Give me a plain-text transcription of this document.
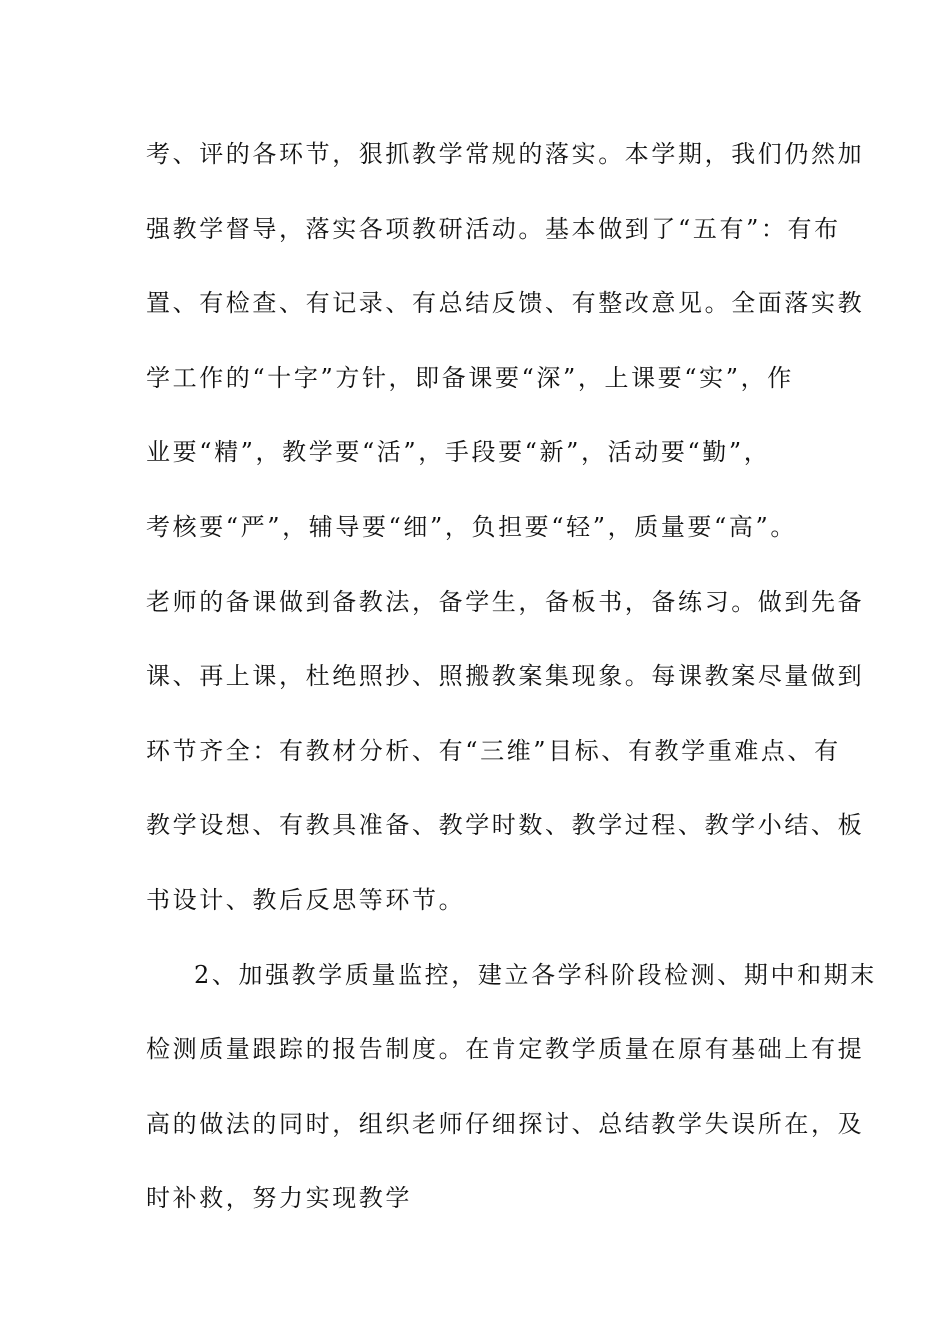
考、评的各环节，狠抓教学常规的落实。本学期，我们仍然加
强教学督导，落实各项教研活动。基本做到了“五有”：有布
置、有检查、有记录、有总结反馈、有整改意见。全面落实教
学工作的“十字”方针，即备课要“深”，上课要“实”，作
业要“精”，教学要“活”，手段要“新”，活动要“勤”，
考核要“严”，辅导要“细”，负担要“轻”，质量要“高”。
老师的备课做到备教法，备学生，备板书，备练习。做到先备
课、再上课，杜绝照抄、照搬教案集现象。每课教案尽量做到
环节齐全：有教材分析、有“三维”目标、有教学重难点、有
教学设想、有教具准备、教学时数、教学过程、教学小结、板
书设计、教后反思等环节。
2、加强教学质量监控，建立各学科阶段检测、期中和期末
检测质量跟踪的报告制度。在肯定教学质量在原有基础上有提
高的做法的同时，组织老师仔细探讨、总结教学失误所在，及
时补救，努力实现教学
